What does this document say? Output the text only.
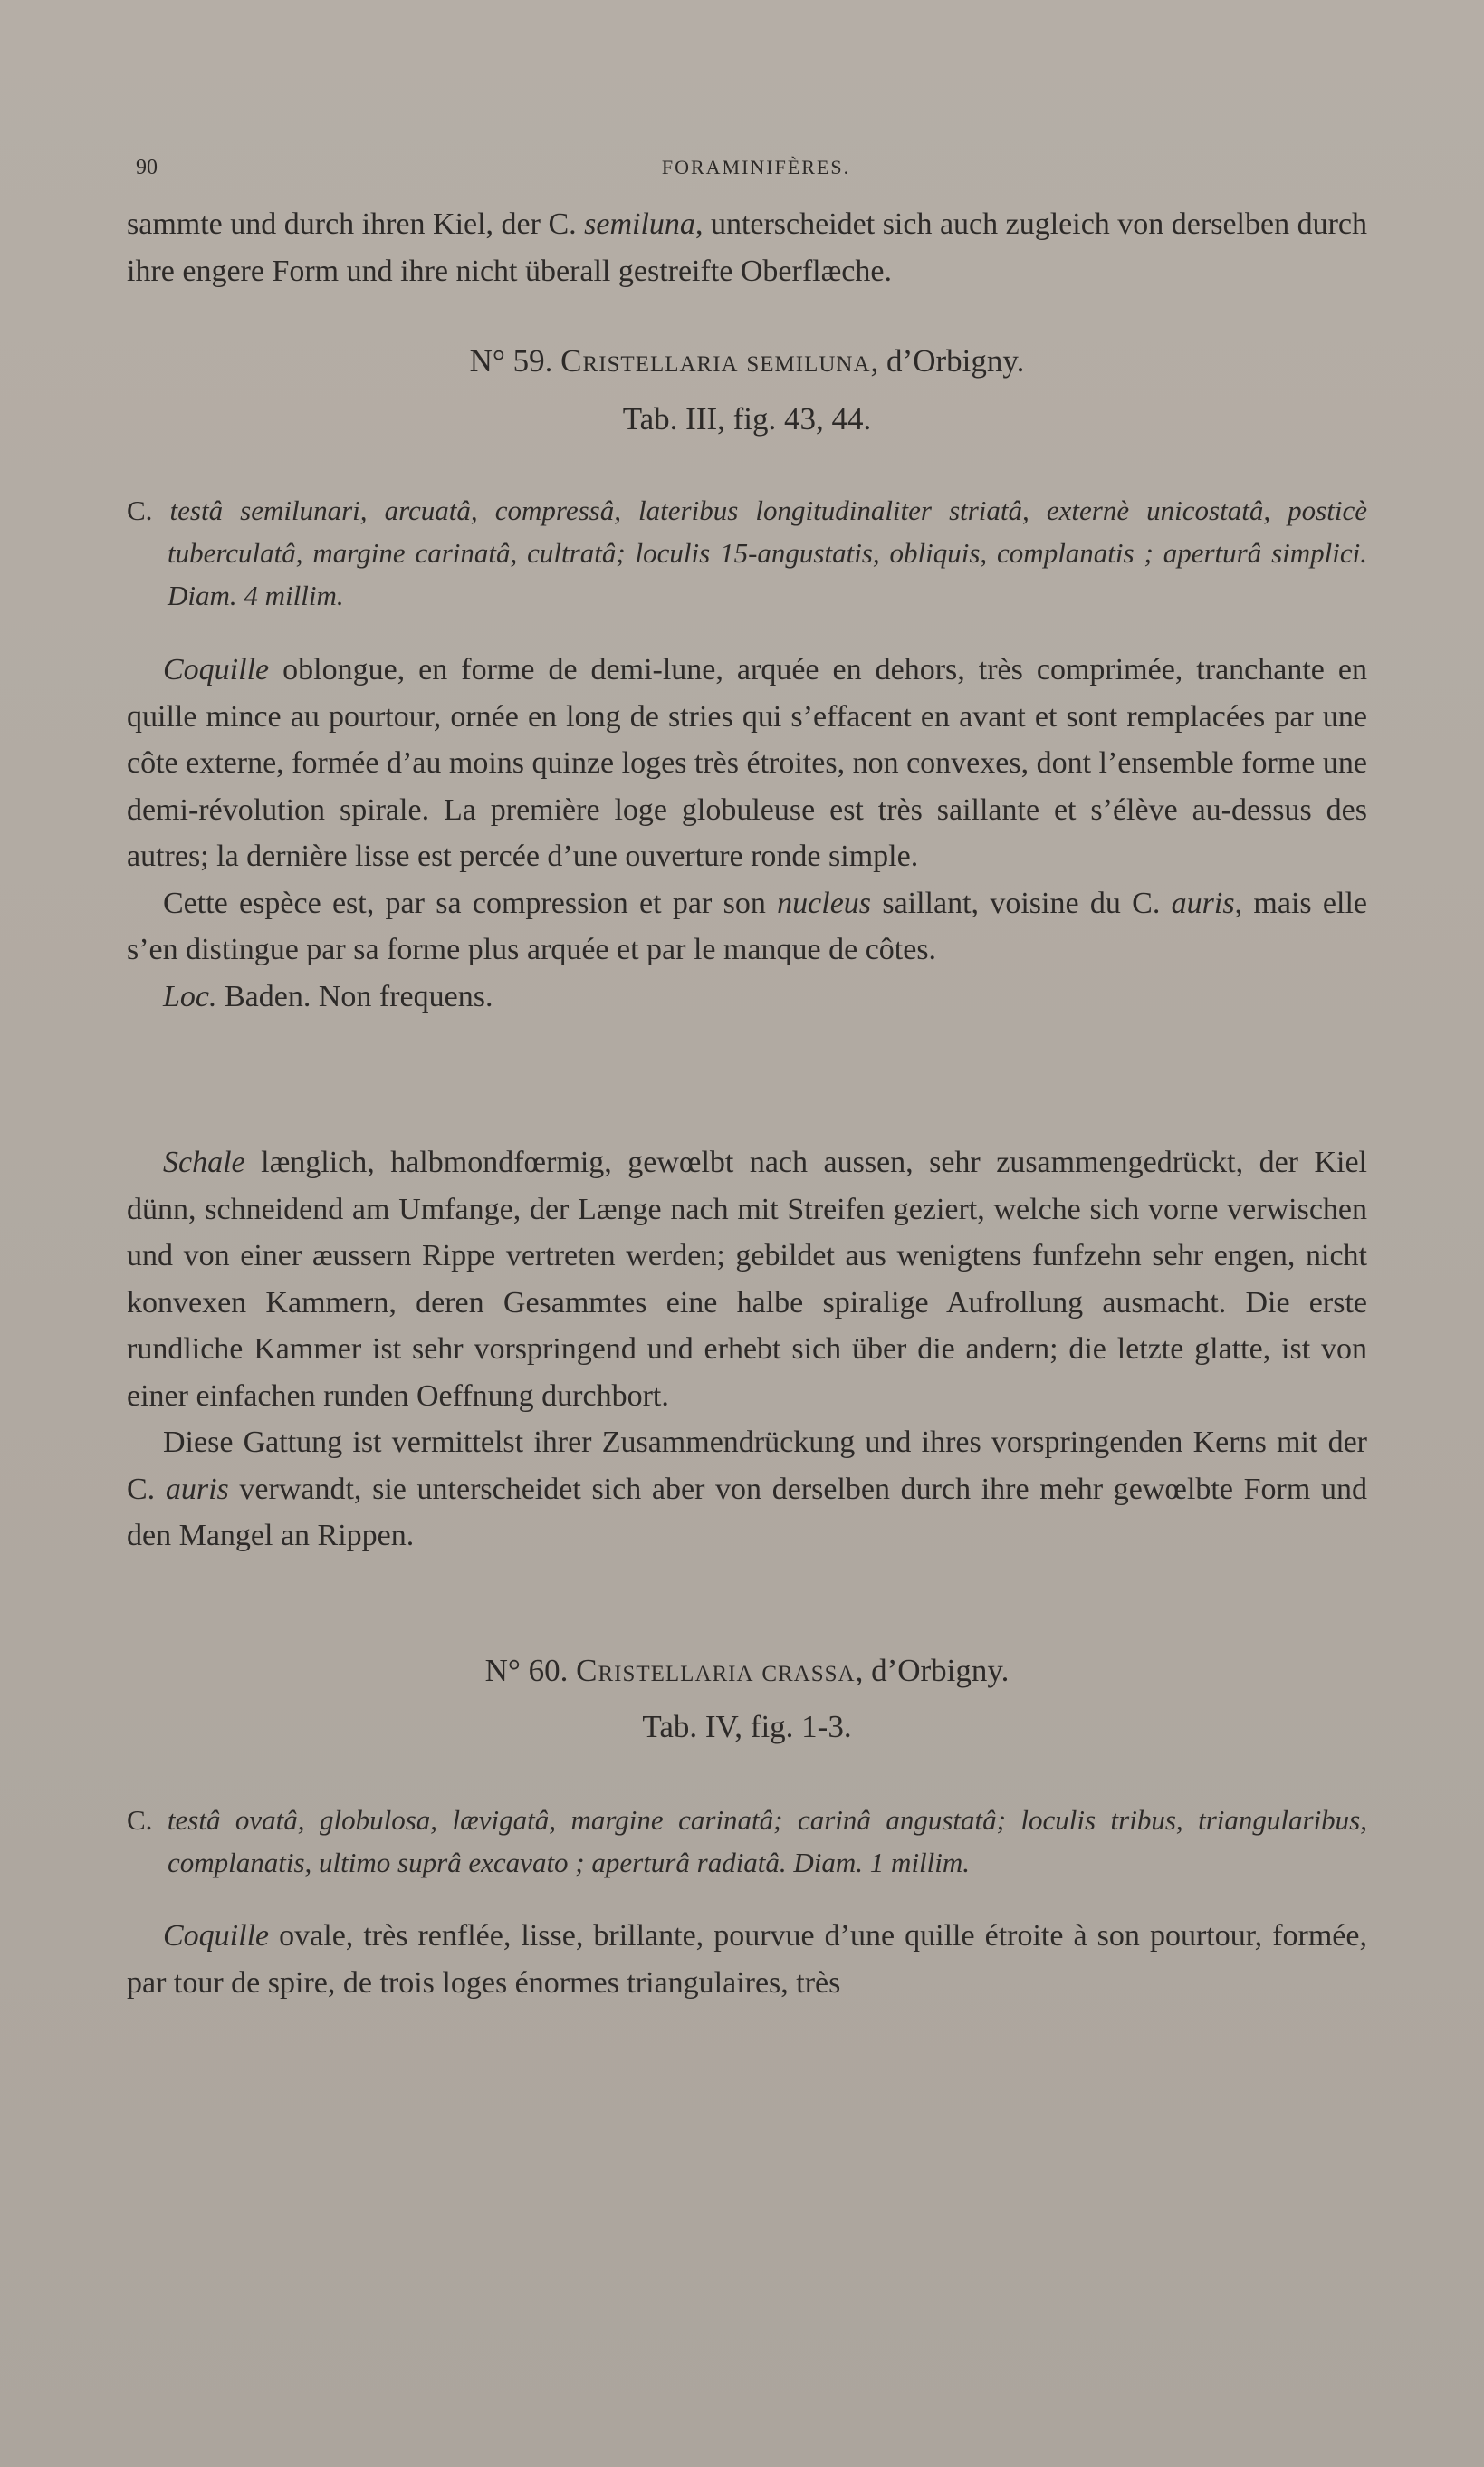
90	FORAMINIFÈRES.

sammte und durch ihren Kiel, der C. semiluna, unterscheidet sich auch zugleich von derselben durch ihre engere Form und ihre nicht überall gestreifte Oberflæche.

N° 59. Cristellaria semiluna, d’Orbigny.
Tab. III, fig. 43, 44.

C. testâ semilunari, arcuatâ, compressâ, lateribus longitudinaliter striatâ, externè unicostatâ, posticè tuberculatâ, margine carinatâ, cultratâ; loculis 15-angustatis, obliquis, complanatis ; aperturâ simplici. Diam. 4 millim.

Coquille oblongue, en forme de demi-lune, arquée en dehors, très comprimée, tranchante en quille mince au pourtour, ornée en long de stries qui s’effacent en avant et sont remplacées par une côte externe, formée d’au moins quinze loges très étroites, non convexes, dont l’ensemble forme une demi-révolution spirale. La première loge globuleuse est très saillante et s’élève au-dessus des autres; la dernière lisse est percée d’une ouverture ronde simple.

Cette espèce est, par sa compression et par son nucleus saillant, voisine du C. auris, mais elle s’en distingue par sa forme plus arquée et par le manque de côtes.

Loc. Baden. Non frequens.

Schale længlich, halbmondfœrmig, gewœlbt nach aussen, sehr zusammengedrückt, der Kiel dünn, schneidend am Umfange, der Længe nach mit Streifen geziert, welche sich vorne verwischen und von einer æussern Rippe vertreten werden; gebildet aus wenigtens funfzehn sehr engen, nicht konvexen Kammern, deren Gesammtes eine halbe spiralige Aufrollung ausmacht. Die erste rundliche Kammer ist sehr vorspringend und erhebt sich über die andern; die letzte glatte, ist von einer einfachen runden Oeffnung durchbort.

Diese Gattung ist vermittelst ihrer Zusammendrückung und ihres vorspringenden Kerns mit der C. auris verwandt, sie unterscheidet sich aber von derselben durch ihre mehr gewœlbte Form und den Mangel an Rippen.

N° 60. Cristellaria crassa, d’Orbigny.
Tab. IV, fig. 1-3.

C. testâ ovatâ, globulosa, lævigatâ, margine carinatâ; carinâ angustatâ; loculis tribus, triangularibus, complanatis, ultimo suprâ excavato ; aperturâ radiatâ. Diam. 1 millim.

Coquille ovale, très renflée, lisse, brillante, pourvue d’une quille étroite à son pourtour, formée, par tour de spire, de trois loges énormes triangulaires, très
